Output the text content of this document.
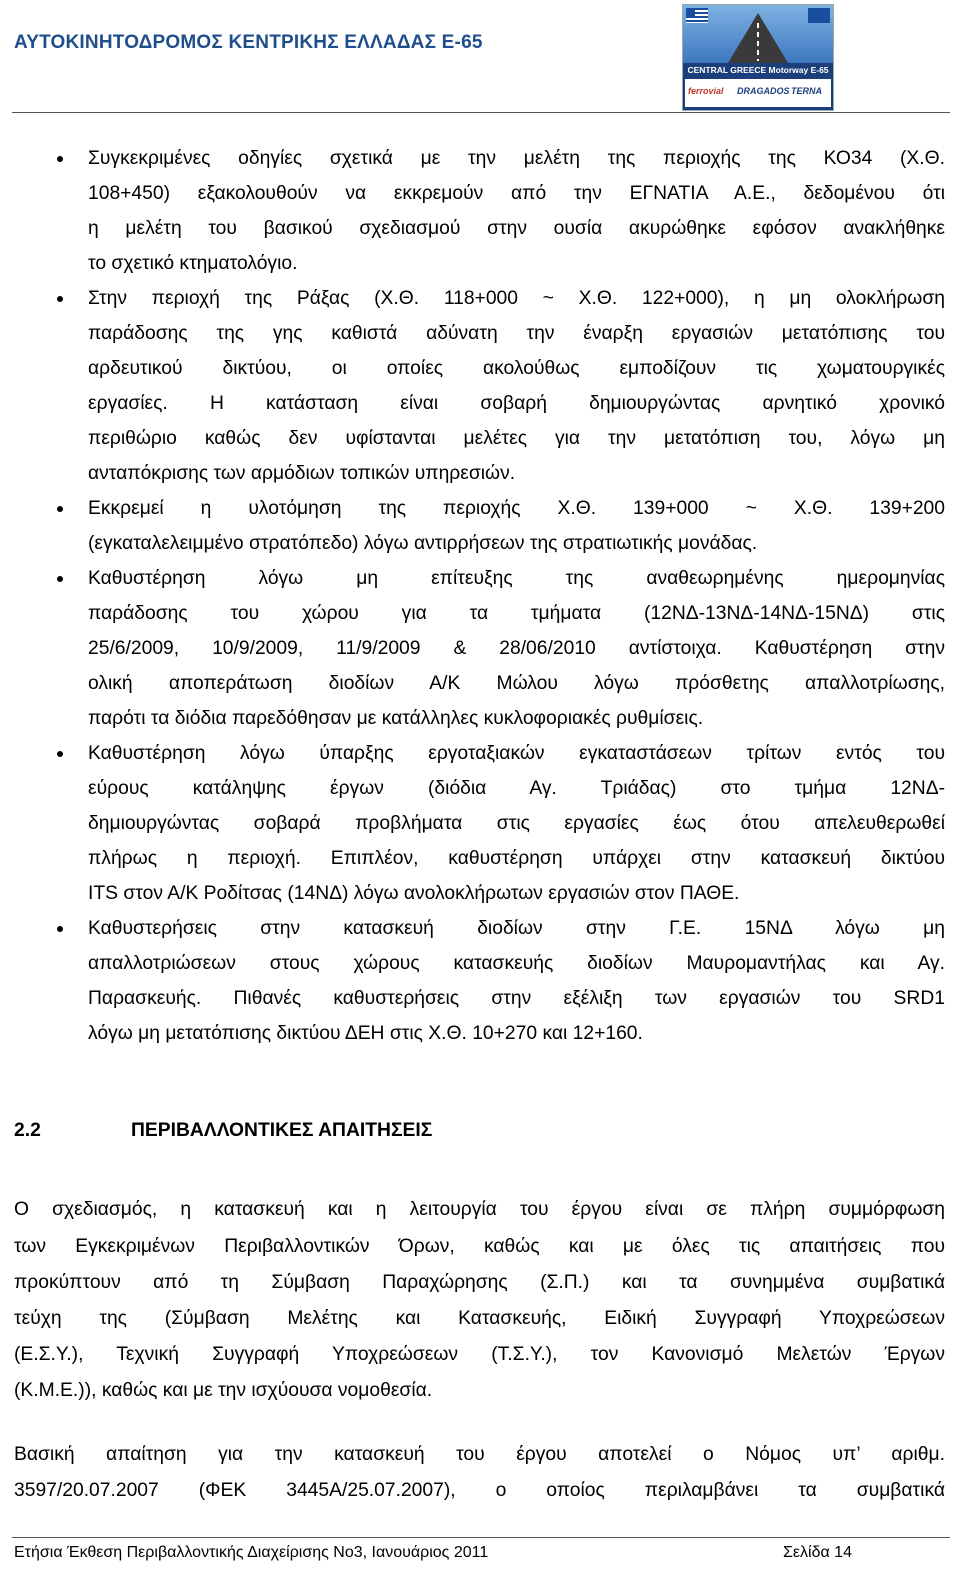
ΑΥΤΟΚΙΝΗΤΟΔΡΟΜΟΣ ΚΕΝΤΡΙΚΗΣ ΕΛΛΑΔΑΣ Ε-65
CENTRAL GREECE Motorway E-65
ferrovial DRAGADOS TERNA
Συγκεκριμένες οδηγίες σχετικά με την μελέτη της περιοχής της ΚΟ34 (Χ.Θ.
108+450) εξακολουθούν να εκκρεμούν από την ΕΓΝΑΤΙΑ Α.Ε., δεδομένου ότι
η μελέτη του βασικού σχεδιασμού στην ουσία ακυρώθηκε εφόσον ανακλήθηκε
το σχετικό κτηματολόγιο.
Στην περιοχή της Ράξας (Χ.Θ. 118+000 ~ Χ.Θ. 122+000), η μη ολοκλήρωση
παράδοσης της γης καθιστά αδύνατη την έναρξη εργασιών μετατόπισης του
αρδευτικού δικτύου, οι οποίες ακολούθως εμποδίζουν τις χωματουργικές
εργασίες. Η κατάσταση είναι σοβαρή δημιουργώντας αρνητικό χρονικό
περιθώριο καθώς δεν υφίστανται μελέτες για την μετατόπιση του, λόγω μη
ανταπόκρισης των αρμόδιων τοπικών υπηρεσιών.
Εκκρεμεί η υλοτόμηση της περιοχής Χ.Θ. 139+000 ~ Χ.Θ. 139+200
(εγκαταλελειμμένο στρατόπεδο) λόγω αντιρρήσεων της στρατιωτικής μονάδας.
Καθυστέρηση λόγω μη επίτευξης της αναθεωρημένης ημερομηνίας
παράδοσης του χώρου για τα τμήματα (12ΝΔ-13ΝΔ-14ΝΔ-15ΝΔ) στις
25/6/2009, 10/9/2009, 11/9/2009 & 28/06/2010 αντίστοιχα. Καθυστέρηση στην
ολική αποπεράτωση διοδίων Α/Κ Μώλου λόγω πρόσθετης απαλλοτρίωσης,
παρότι τα διόδια παρεδόθησαν με κατάλληλες κυκλοφοριακές ρυθμίσεις.
Καθυστέρηση λόγω ύπαρξης εργοταξιακών εγκαταστάσεων τρίτων εντός του
εύρους κατάληψης έργων (διόδια Αγ. Τριάδας) στο τμήμα 12ΝΔ-
δημιουργώντας σοβαρά προβλήματα στις εργασίες έως ότου απελευθερωθεί
πλήρως η περιοχή. Επιπλέον, καθυστέρηση υπάρχει στην κατασκευή δικτύου
ITS στον Α/Κ Ροδίτσας (14ΝΔ) λόγω ανολοκλήρωτων εργασιών στον ΠΑΘΕ.
Καθυστερήσεις στην κατασκευή διοδίων στην Γ.Ε. 15ΝΔ λόγω μη
απαλλοτριώσεων στους χώρους κατασκευής διοδίων Μαυρομαντήλας και Αγ.
Παρασκευής. Πιθανές καθυστερήσεις στην εξέλιξη των εργασιών του SRD1
λόγω μη μετατόπισης δικτύου ΔΕΗ στις Χ.Θ. 10+270 και 12+160.
2.2	ΠΕΡΙΒΑΛΛΟΝΤΙΚΕΣ ΑΠΑΙΤΗΣΕΙΣ
Ο σχεδιασμός, η κατασκευή και η λειτουργία του έργου είναι σε πλήρη συμμόρφωση
των Εγκεκριμένων Περιβαλλοντικών Όρων, καθώς και με όλες τις απαιτήσεις που
προκύπτουν από τη Σύμβαση Παραχώρησης (Σ.Π.) και τα συνημμένα συμβατικά
τεύχη της (Σύμβαση Μελέτης και Κατασκευής, Ειδική Συγγραφή Υποχρεώσεων
(Ε.Σ.Υ.), Τεχνική Συγγραφή Υποχρεώσεων (Τ.Σ.Υ.), τον Κανονισμό Μελετών Έργων
(Κ.Μ.Ε.)), καθώς και με την ισχύουσα νομοθεσία.
Βασική απαίτηση για την κατασκευή του έργου αποτελεί ο Νόμος υπ’ αριθμ.
3597/20.07.2007 (ΦΕΚ 3445Α/25.07.2007), ο οποίος περιλαμβάνει τα συμβατικά
Ετήσια Έκθεση Περιβαλλοντικής Διαχείρισης Νο3, Ιανουάριος 2011	Σελίδα 14
